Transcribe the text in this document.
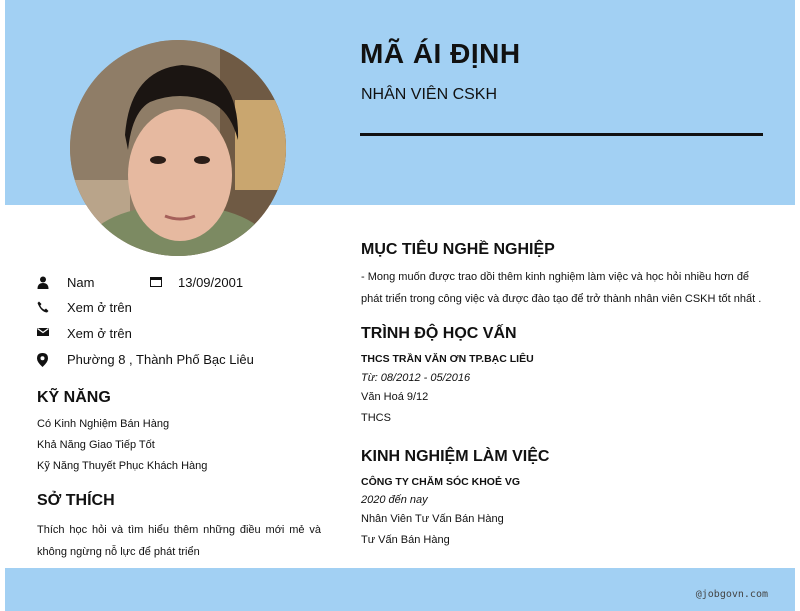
MÃ ÁI ĐỊNH
NHÂN VIÊN CSKH
Nam	13/09/2001
Xem ở trên
Xem ở trên
Phường 8 , Thành Phố Bạc Liêu
KỸ NĂNG
Có Kinh Nghiệm Bán Hàng
Khả Năng Giao Tiếp Tốt
Kỹ Năng Thuyết Phục Khách Hàng
SỞ THÍCH
Thích học hỏi và tìm hiểu thêm những điều mới mẻ và không ngừng nỗ lực để phát triển
MỤC TIÊU NGHỀ NGHIỆP
- Mong muốn được trao dồi thêm kinh nghiệm làm việc và học hỏi nhiều hơn để phát triển trong công việc và được đào tạo để trở thành nhân viên CSKH tốt nhất .
TRÌNH ĐỘ HỌC VẤN
THCS TRẦN VĂN ƠN TP.BẠC LIÊU
Từ: 08/2012 - 05/2016
Văn Hoá 9/12
THCS
KINH NGHIỆM LÀM VIỆC
CÔNG TY CHĂM SÓC KHOẺ VG
2020 đến nay
Nhân Viên Tư Vấn Bán Hàng
Tư Vấn Bán Hàng
@jobgovn.com
